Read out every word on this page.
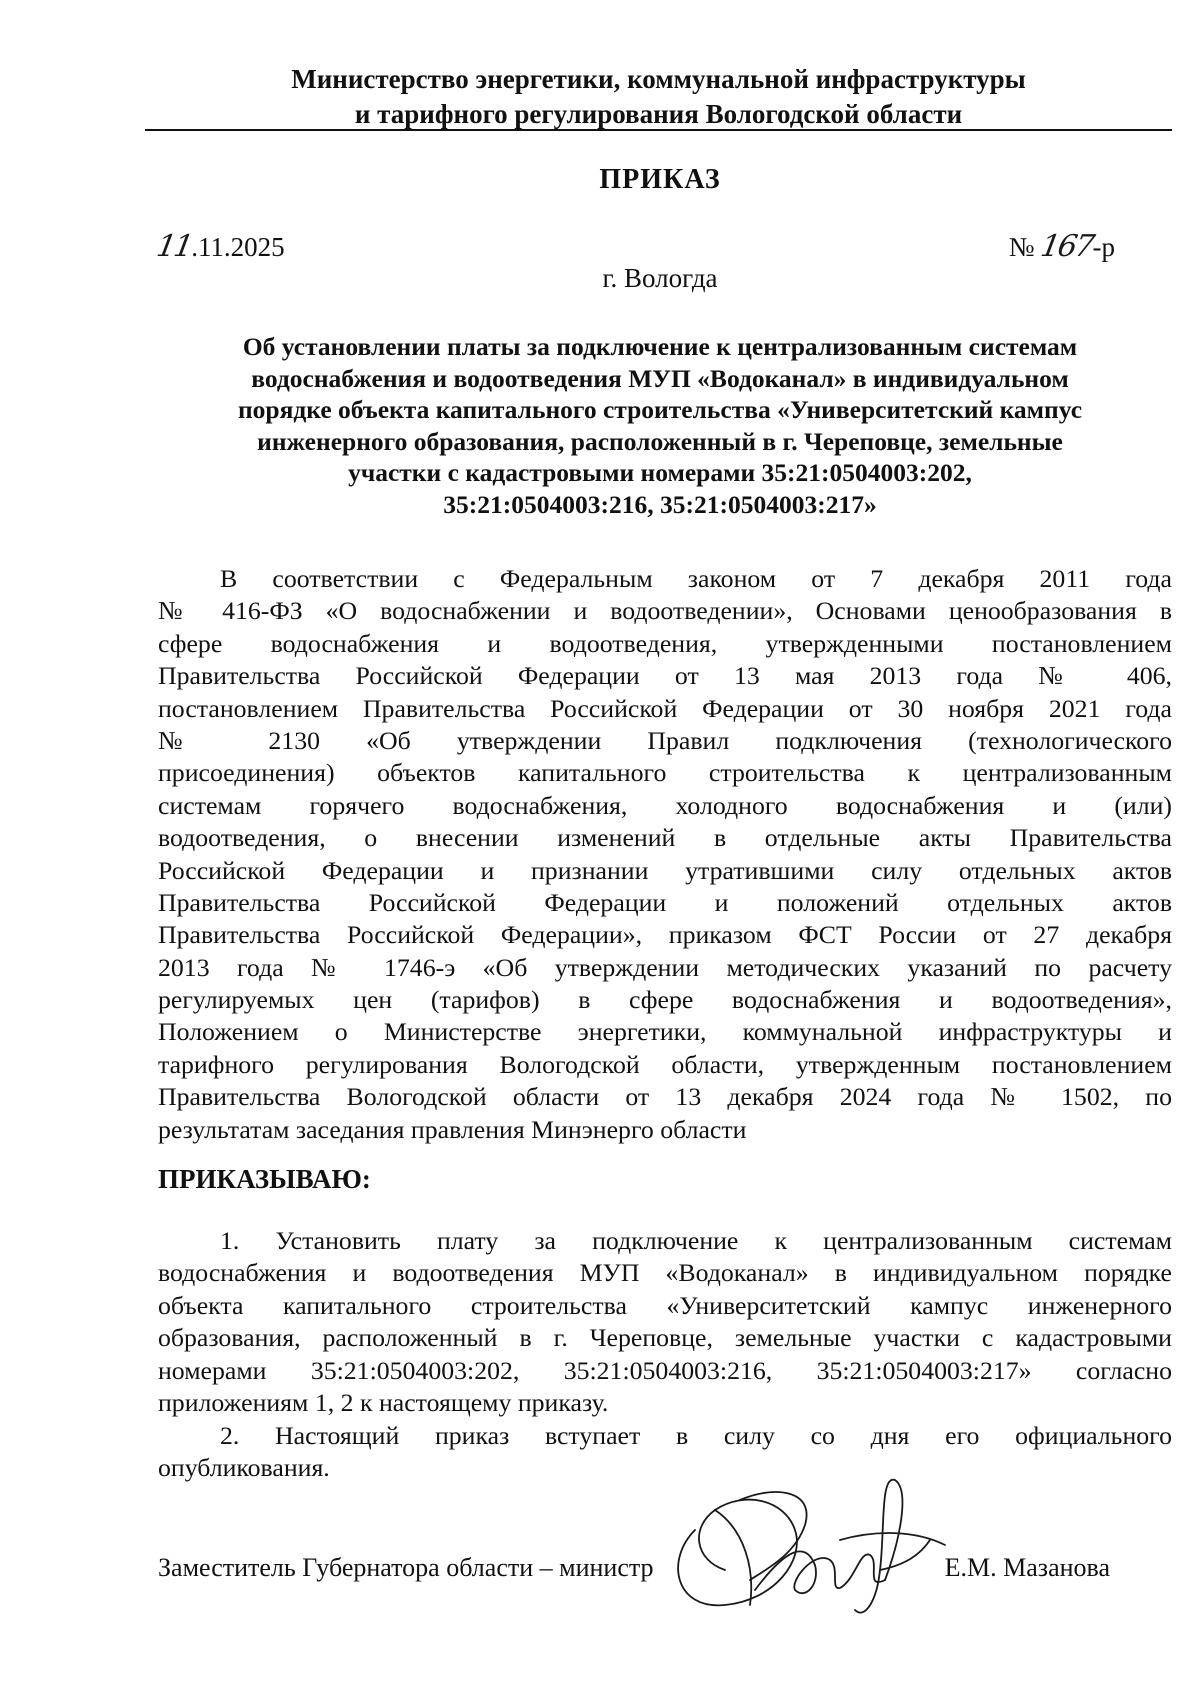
Министерство энергетики, коммунальной инфраструктуры
и тарифного регулирования Вологодской области
ПРИКАЗ
11.11.2025	№ 167-р
г. Вологда
Об установлении платы за подключение к централизованным системам
водоснабжения и водоотведения МУП «Водоканал» в индивидуальном
порядке объекта капитального строительства «Университетский кампус
инженерного образования, расположенный в г. Череповце, земельные
участки с кадастровыми номерами 35:21:0504003:202,
35:21:0504003:216, 35:21:0504003:217»
В соответствии с Федеральным законом от 7 декабря 2011 года
№ 416-ФЗ «О водоснабжении и водоотведении», Основами ценообразования в
сфере водоснабжения и водоотведения, утвержденными постановлением
Правительства Российской Федерации от 13 мая 2013 года № 406,
постановлением Правительства Российской Федерации от 30 ноября 2021 года
№ 2130 «Об утверждении Правил подключения (технологического
присоединения) объектов капитального строительства к централизованным
системам горячего водоснабжения, холодного водоснабжения и (или)
водоотведения, о внесении изменений в отдельные акты Правительства
Российской Федерации и признании утратившими силу отдельных актов
Правительства Российской Федерации и положений отдельных актов
Правительства Российской Федерации», приказом ФСТ России от 27 декабря
2013 года № 1746-э «Об утверждении методических указаний по расчету
регулируемых цен (тарифов) в сфере водоснабжения и водоотведения»,
Положением о Министерстве энергетики, коммунальной инфраструктуры и
тарифного регулирования Вологодской области, утвержденным постановлением
Правительства Вологодской области от 13 декабря 2024 года № 1502, по
результатам заседания правления Минэнерго области
ПРИКАЗЫВАЮ:
1. Установить плату за подключение к централизованным системам
водоснабжения и водоотведения МУП «Водоканал» в индивидуальном порядке
объекта капитального строительства «Университетский кампус инженерного
образования, расположенный в г. Череповце, земельные участки с кадастровыми
номерами 35:21:0504003:202, 35:21:0504003:216, 35:21:0504003:217» согласно
приложениям 1, 2 к настоящему приказу.
2. Настоящий приказ вступает в силу со дня его официального
опубликования.
Заместитель Губернатора области – министр	Е.М. Мазанова
